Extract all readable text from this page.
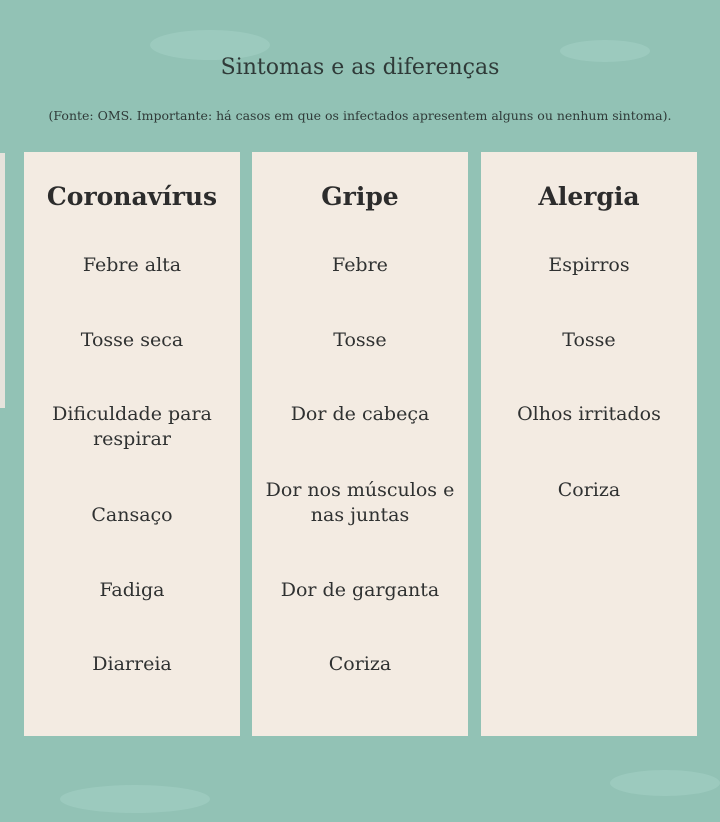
Sintomas e as diferenças
(Fonte: OMS. Importante: há casos em que os infectados apresentem alguns ou nenhum sintoma).
Coronavírus
Febre alta
Tosse seca
Dificuldade para respirar
Cansaço
Fadiga
Diarreia
Gripe
Febre
Tosse
Dor de cabeça
Dor nos músculos e nas juntas
Dor de garganta
Coriza
Alergia
Espirros
Tosse
Olhos irritados
Coriza
